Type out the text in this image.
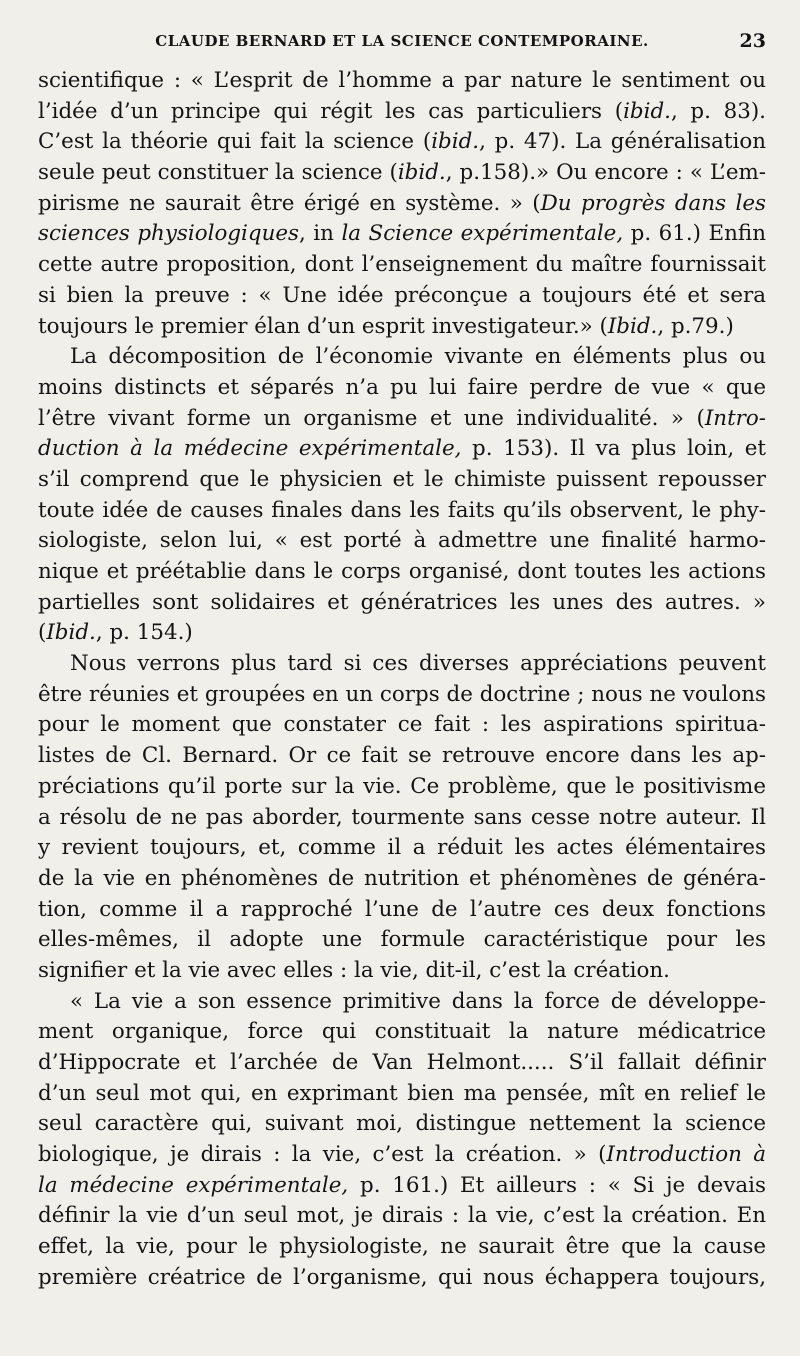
CLAUDE BERNARD ET LA SCIENCE CONTEMPORAINE.	23
scientifique : « L’esprit de l’homme a par nature le sentiment ou
l’idée d’un principe qui régit les cas particuliers (ibid., p. 83).
C’est la théorie qui fait la science (ibid., p. 47). La généralisation
seule peut constituer la science (ibid., p.158).» Ou encore : « L’em-
pirisme ne saurait être érigé en système. » (Du progrès dans les
sciences physiologiques, in la Science expérimentale, p. 61.) Enfin
cette autre proposition, dont l’enseignement du maître fournissait
si bien la preuve : « Une idée préconçue a toujours été et sera
toujours le premier élan d’un esprit investigateur.» (Ibid., p.79.)
La décomposition de l’économie vivante en éléments plus ou
moins distincts et séparés n’a pu lui faire perdre de vue « que
l’être vivant forme un organisme et une individualité. » (Intro-
duction à la médecine expérimentale, p. 153). Il va plus loin, et
s’il comprend que le physicien et le chimiste puissent repousser
toute idée de causes finales dans les faits qu’ils observent, le phy-
siologiste, selon lui, « est porté à admettre une finalité harmo-
nique et préétablie dans le corps organisé, dont toutes les actions
partielles sont solidaires et génératrices les unes des autres. »
(Ibid., p. 154.)
Nous verrons plus tard si ces diverses appréciations peuvent
être réunies et groupées en un corps de doctrine ; nous ne voulons
pour le moment que constater ce fait : les aspirations spiritua-
listes de Cl. Bernard. Or ce fait se retrouve encore dans les ap-
préciations qu’il porte sur la vie. Ce problème, que le positivisme
a résolu de ne pas aborder, tourmente sans cesse notre auteur. Il
y revient toujours, et, comme il a réduit les actes élémentaires
de la vie en phénomènes de nutrition et phénomènes de généra-
tion, comme il a rapproché l’une de l’autre ces deux fonctions
elles-mêmes, il adopte une formule caractéristique pour les
signifier et la vie avec elles : la vie, dit-il, c’est la création.
« La vie a son essence primitive dans la force de développe-
ment organique, force qui constituait la nature médicatrice
d’Hippocrate et l’archée de Van Helmont..... S’il fallait définir
d’un seul mot qui, en exprimant bien ma pensée, mît en relief le
seul caractère qui, suivant moi, distingue nettement la science
biologique, je dirais : la vie, c’est la création. » (Introduction à
la médecine expérimentale, p. 161.) Et ailleurs : « Si je devais
définir la vie d’un seul mot, je dirais : la vie, c’est la création. En
effet, la vie, pour le physiologiste, ne saurait être que la cause
première créatrice de l’organisme, qui nous échappera toujours,
